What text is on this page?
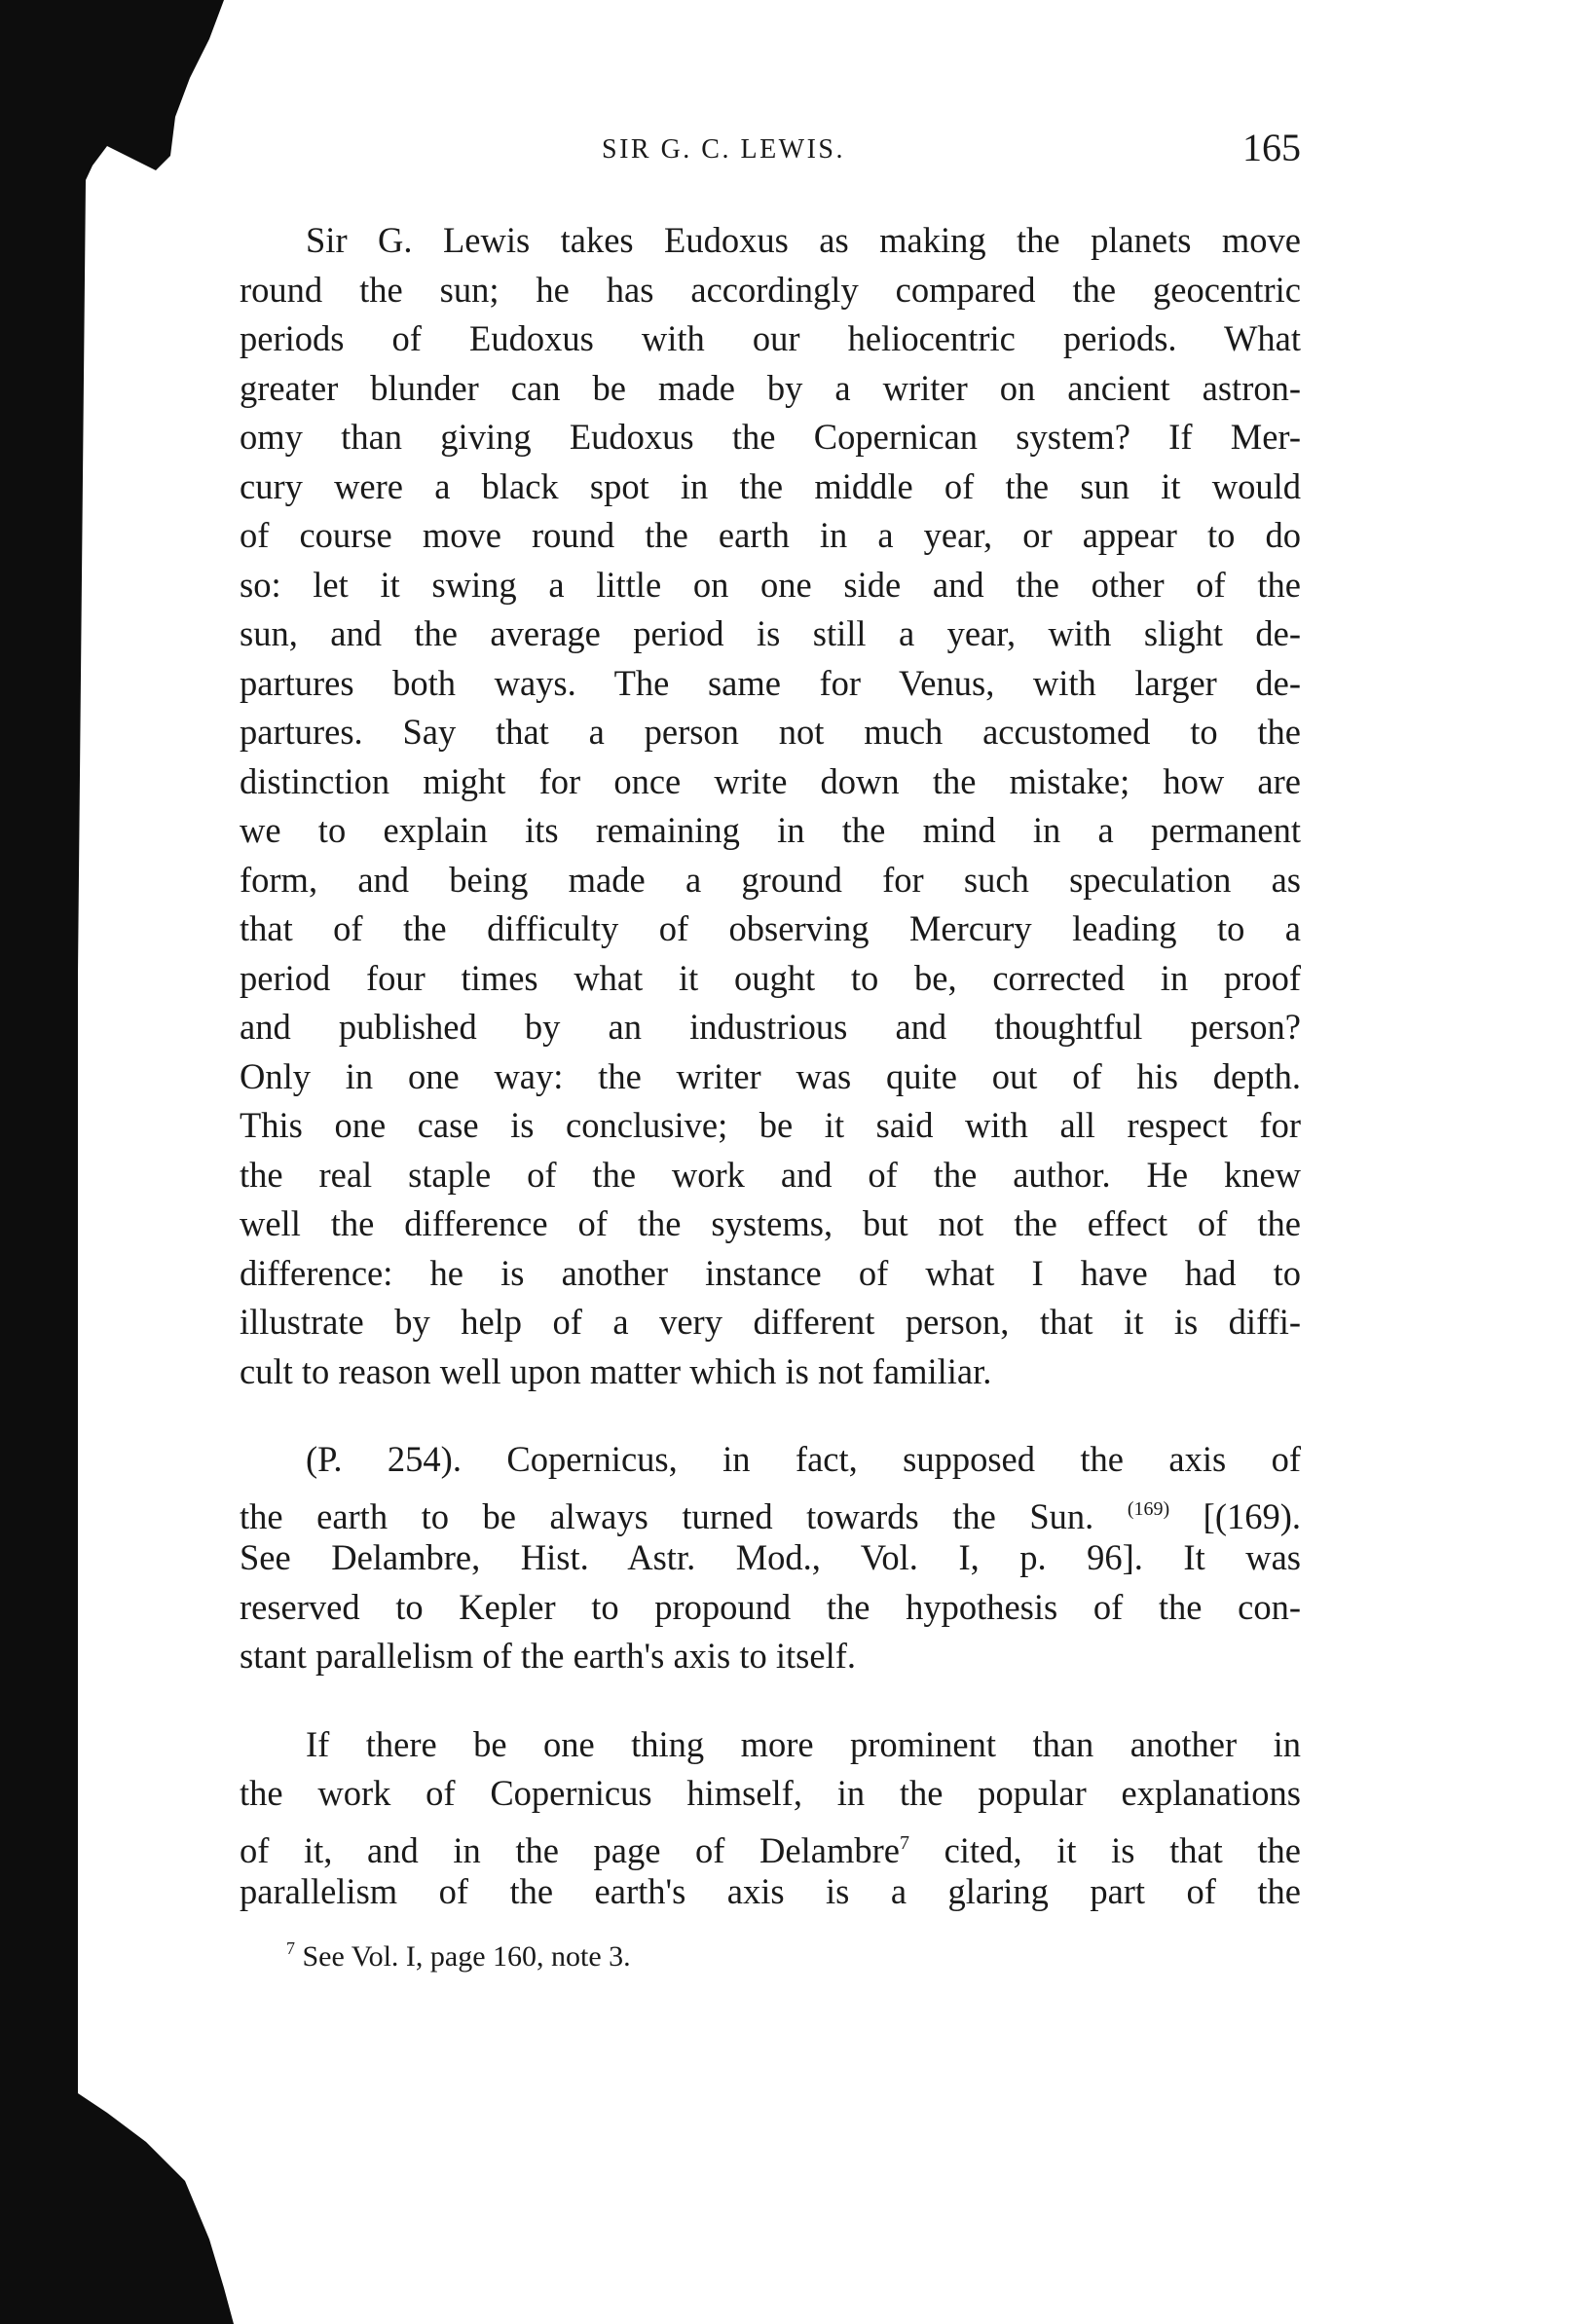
SIR G. C. LEWIS.	165
Sir G. Lewis takes Eudoxus as making the planets move
round the sun; he has accordingly compared the geocentric
periods of Eudoxus with our heliocentric periods. What
greater blunder can be made by a writer on ancient astron-
omy than giving Eudoxus the Copernican system? If Mer-
cury were a black spot in the middle of the sun it would
of course move round the earth in a year, or appear to do
so: let it swing a little on one side and the other of the
sun, and the average period is still a year, with slight de-
partures both ways. The same for Venus, with larger de-
partures. Say that a person not much accustomed to the
distinction might for once write down the mistake; how are
we to explain its remaining in the mind in a permanent
form, and being made a ground for such speculation as
that of the difficulty of observing Mercury leading to a
period four times what it ought to be, corrected in proof
and published by an industrious and thoughtful person?
Only in one way: the writer was quite out of his depth.
This one case is conclusive; be it said with all respect for
the real staple of the work and of the author. He knew
well the difference of the systems, but not the effect of the
difference: he is another instance of what I have had to
illustrate by help of a very different person, that it is diffi-
cult to reason well upon matter which is not familiar.
(P. 254). Copernicus, in fact, supposed the axis of
the earth to be always turned towards the Sun. $^{(169)}$ [(169).
See Delambre, Hist. Astr. Mod., Vol. I, p. 96]. It was
reserved to Kepler to propound the hypothesis of the con-
stant parallelism of the earth's axis to itself.
If there be one thing more prominent than another in
the work of Copernicus himself, in the popular explanations
of it, and in the page of Delambre$^7$ cited, it is that the
parallelism of the earth's axis is a glaring part of the
$^7$ See Vol. I, page 160, note 3.
